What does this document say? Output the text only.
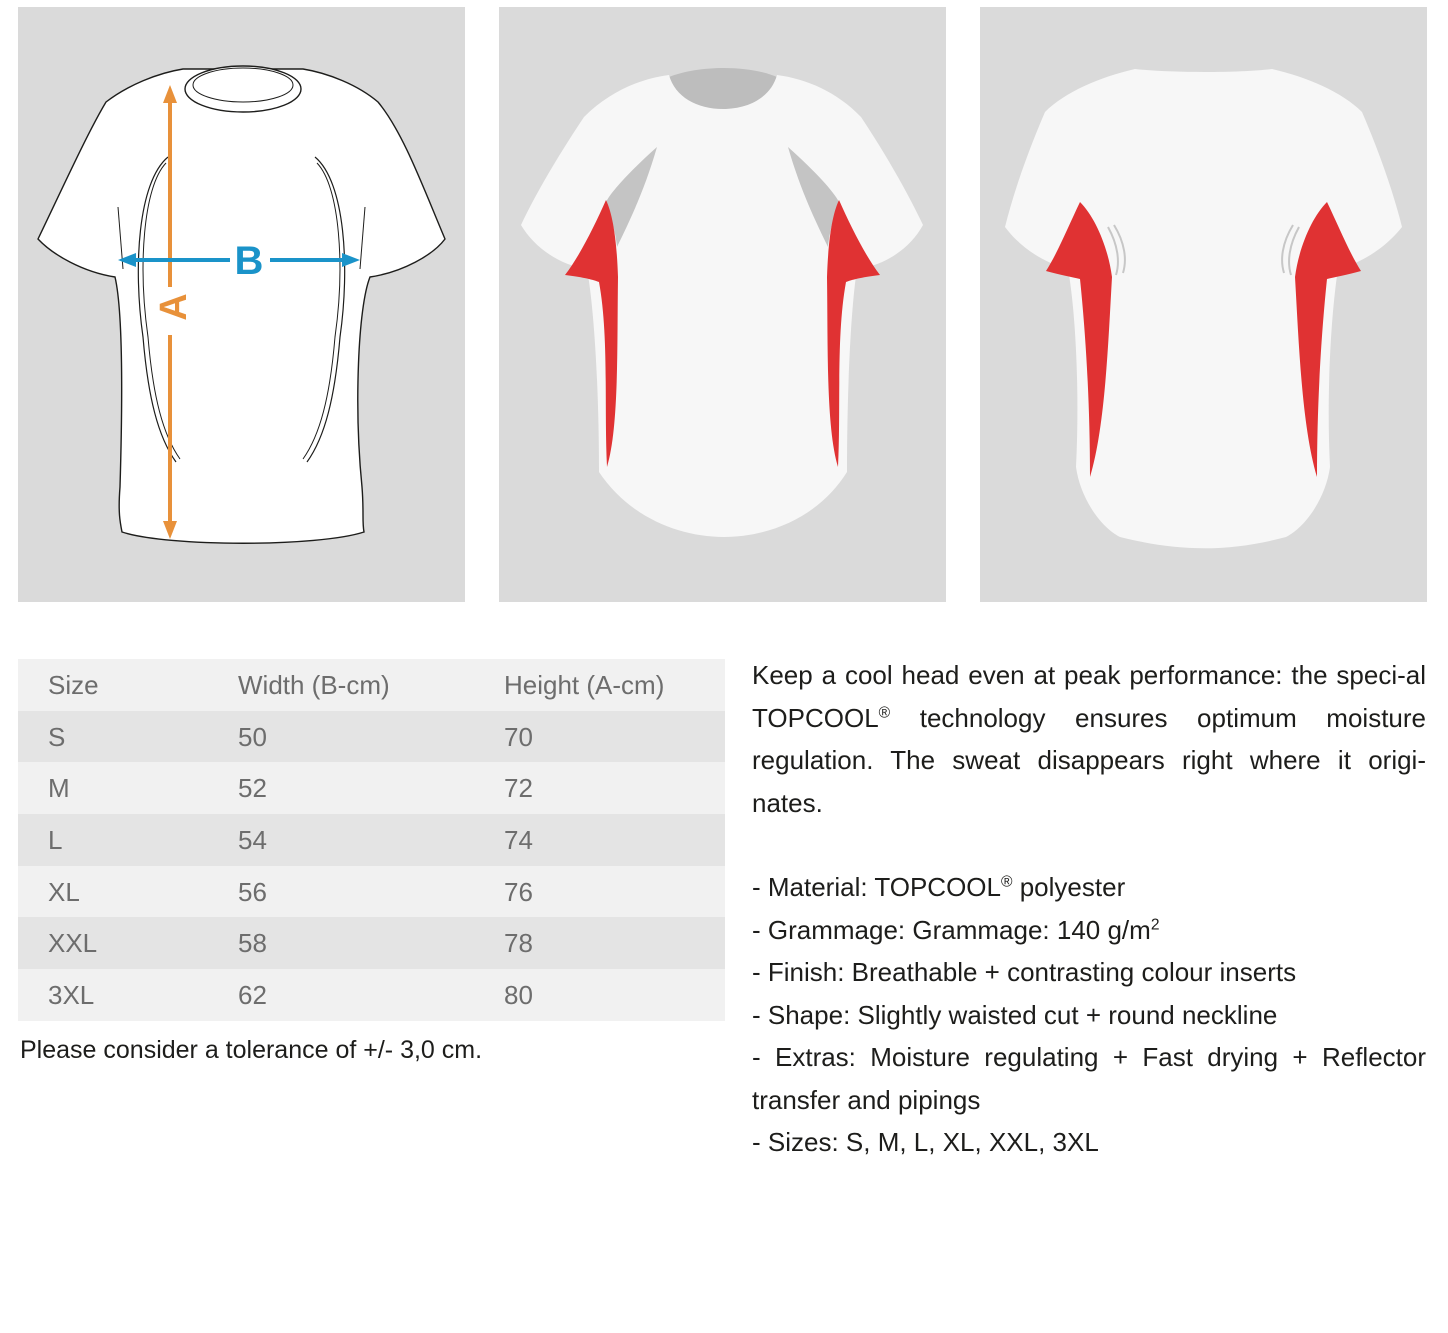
A
B
Size	Width (B-cm)	Height (A-cm)
S	50	70
M	52	72
L	54	74
XL	56	76
XXL	58	78
3XL	62	80

Please consider a tolerance of +/- 3,0 cm.

Keep a cool head even at peak performance: the speci-al TOPCOOL® technology ensures optimum moisture regulation. The sweat disappears right where it origi-nates.

- Material: TOPCOOL® polyester
- Grammage: Grammage: 140 $g/m^2$
- Finish: Breathable + contrasting colour inserts
- Shape: Slightly waisted cut + round neckline
- Extras: Moisture regulating + Fast drying + Reflector transfer and pipings
- Sizes: S, M, L, XL, XXL, 3XL
